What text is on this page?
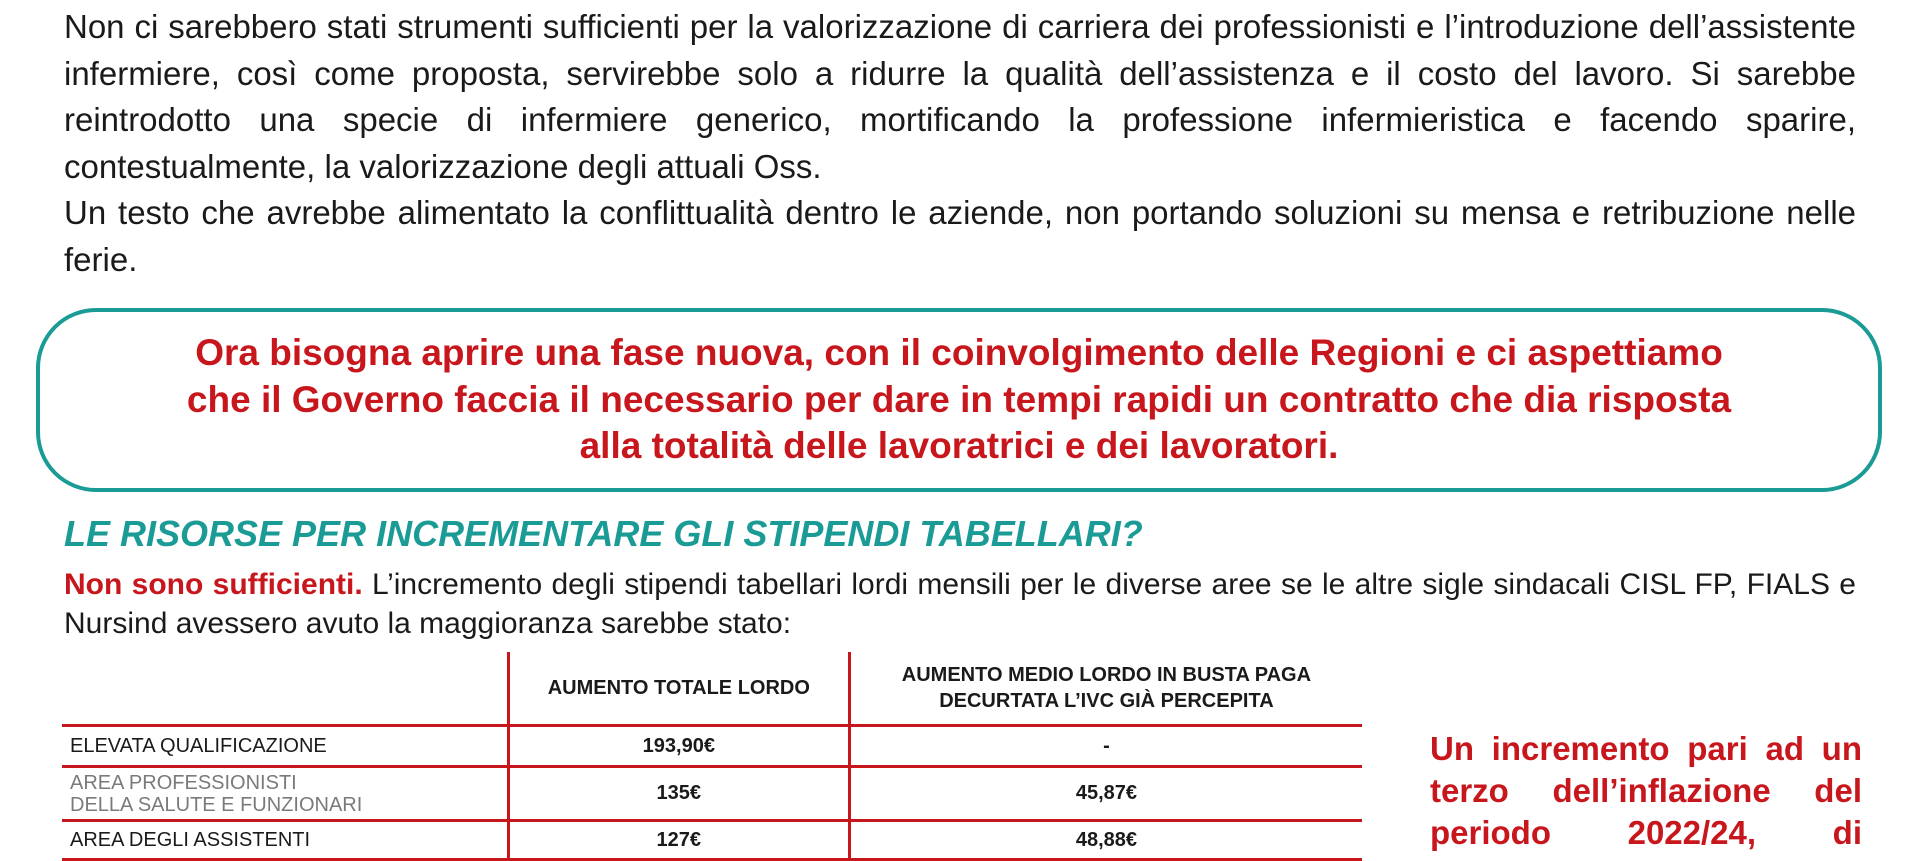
Non ci sarebbero stati strumenti sufficienti per la valorizzazione di carriera dei professionisti e l’introduzione dell’assistente infermiere, così come proposta, servirebbe solo a ridurre la qualità dell’assistenza e il costo del lavoro. Si sarebbe reintrodotto una specie di infermiere generico, mortificando la professione infermieristica e facendo sparire, contestualmente, la valorizzazione degli attuali Oss.

Un testo che avrebbe alimentato la conflittualità dentro le aziende, non portando soluzioni su mensa e retribuzione nelle ferie.

Ora bisogna aprire una fase nuova, con il coinvolgimento delle Regioni e ci aspettiamo che il Governo faccia il necessario per dare in tempi rapidi un contratto che dia risposta alla totalità delle lavoratrici e dei lavoratori.

LE RISORSE PER INCREMENTARE GLI STIPENDI TABELLARI?

Non sono sufficienti. L’incremento degli stipendi tabellari lordi mensili per le diverse aree se le altre sigle sindacali CISL FP, FIALS e Nursind avessero avuto la maggioranza sarebbe stato:

	AUMENTO TOTALE LORDO	AUMENTO MEDIO LORDO IN BUSTA PAGA DECURTATA L’IVC GIÀ PERCEPITA
ELEVATA QUALIFICAZIONE	193,90€	-

AREA PROFESSIONISTI
DELLA SALUTE E FUNZIONARI	135€	45,87€
AREA DEGLI ASSISTENTI	127€	48,88€

Un incremento pari ad un terzo dell’inflazione del periodo 2022/24, di
